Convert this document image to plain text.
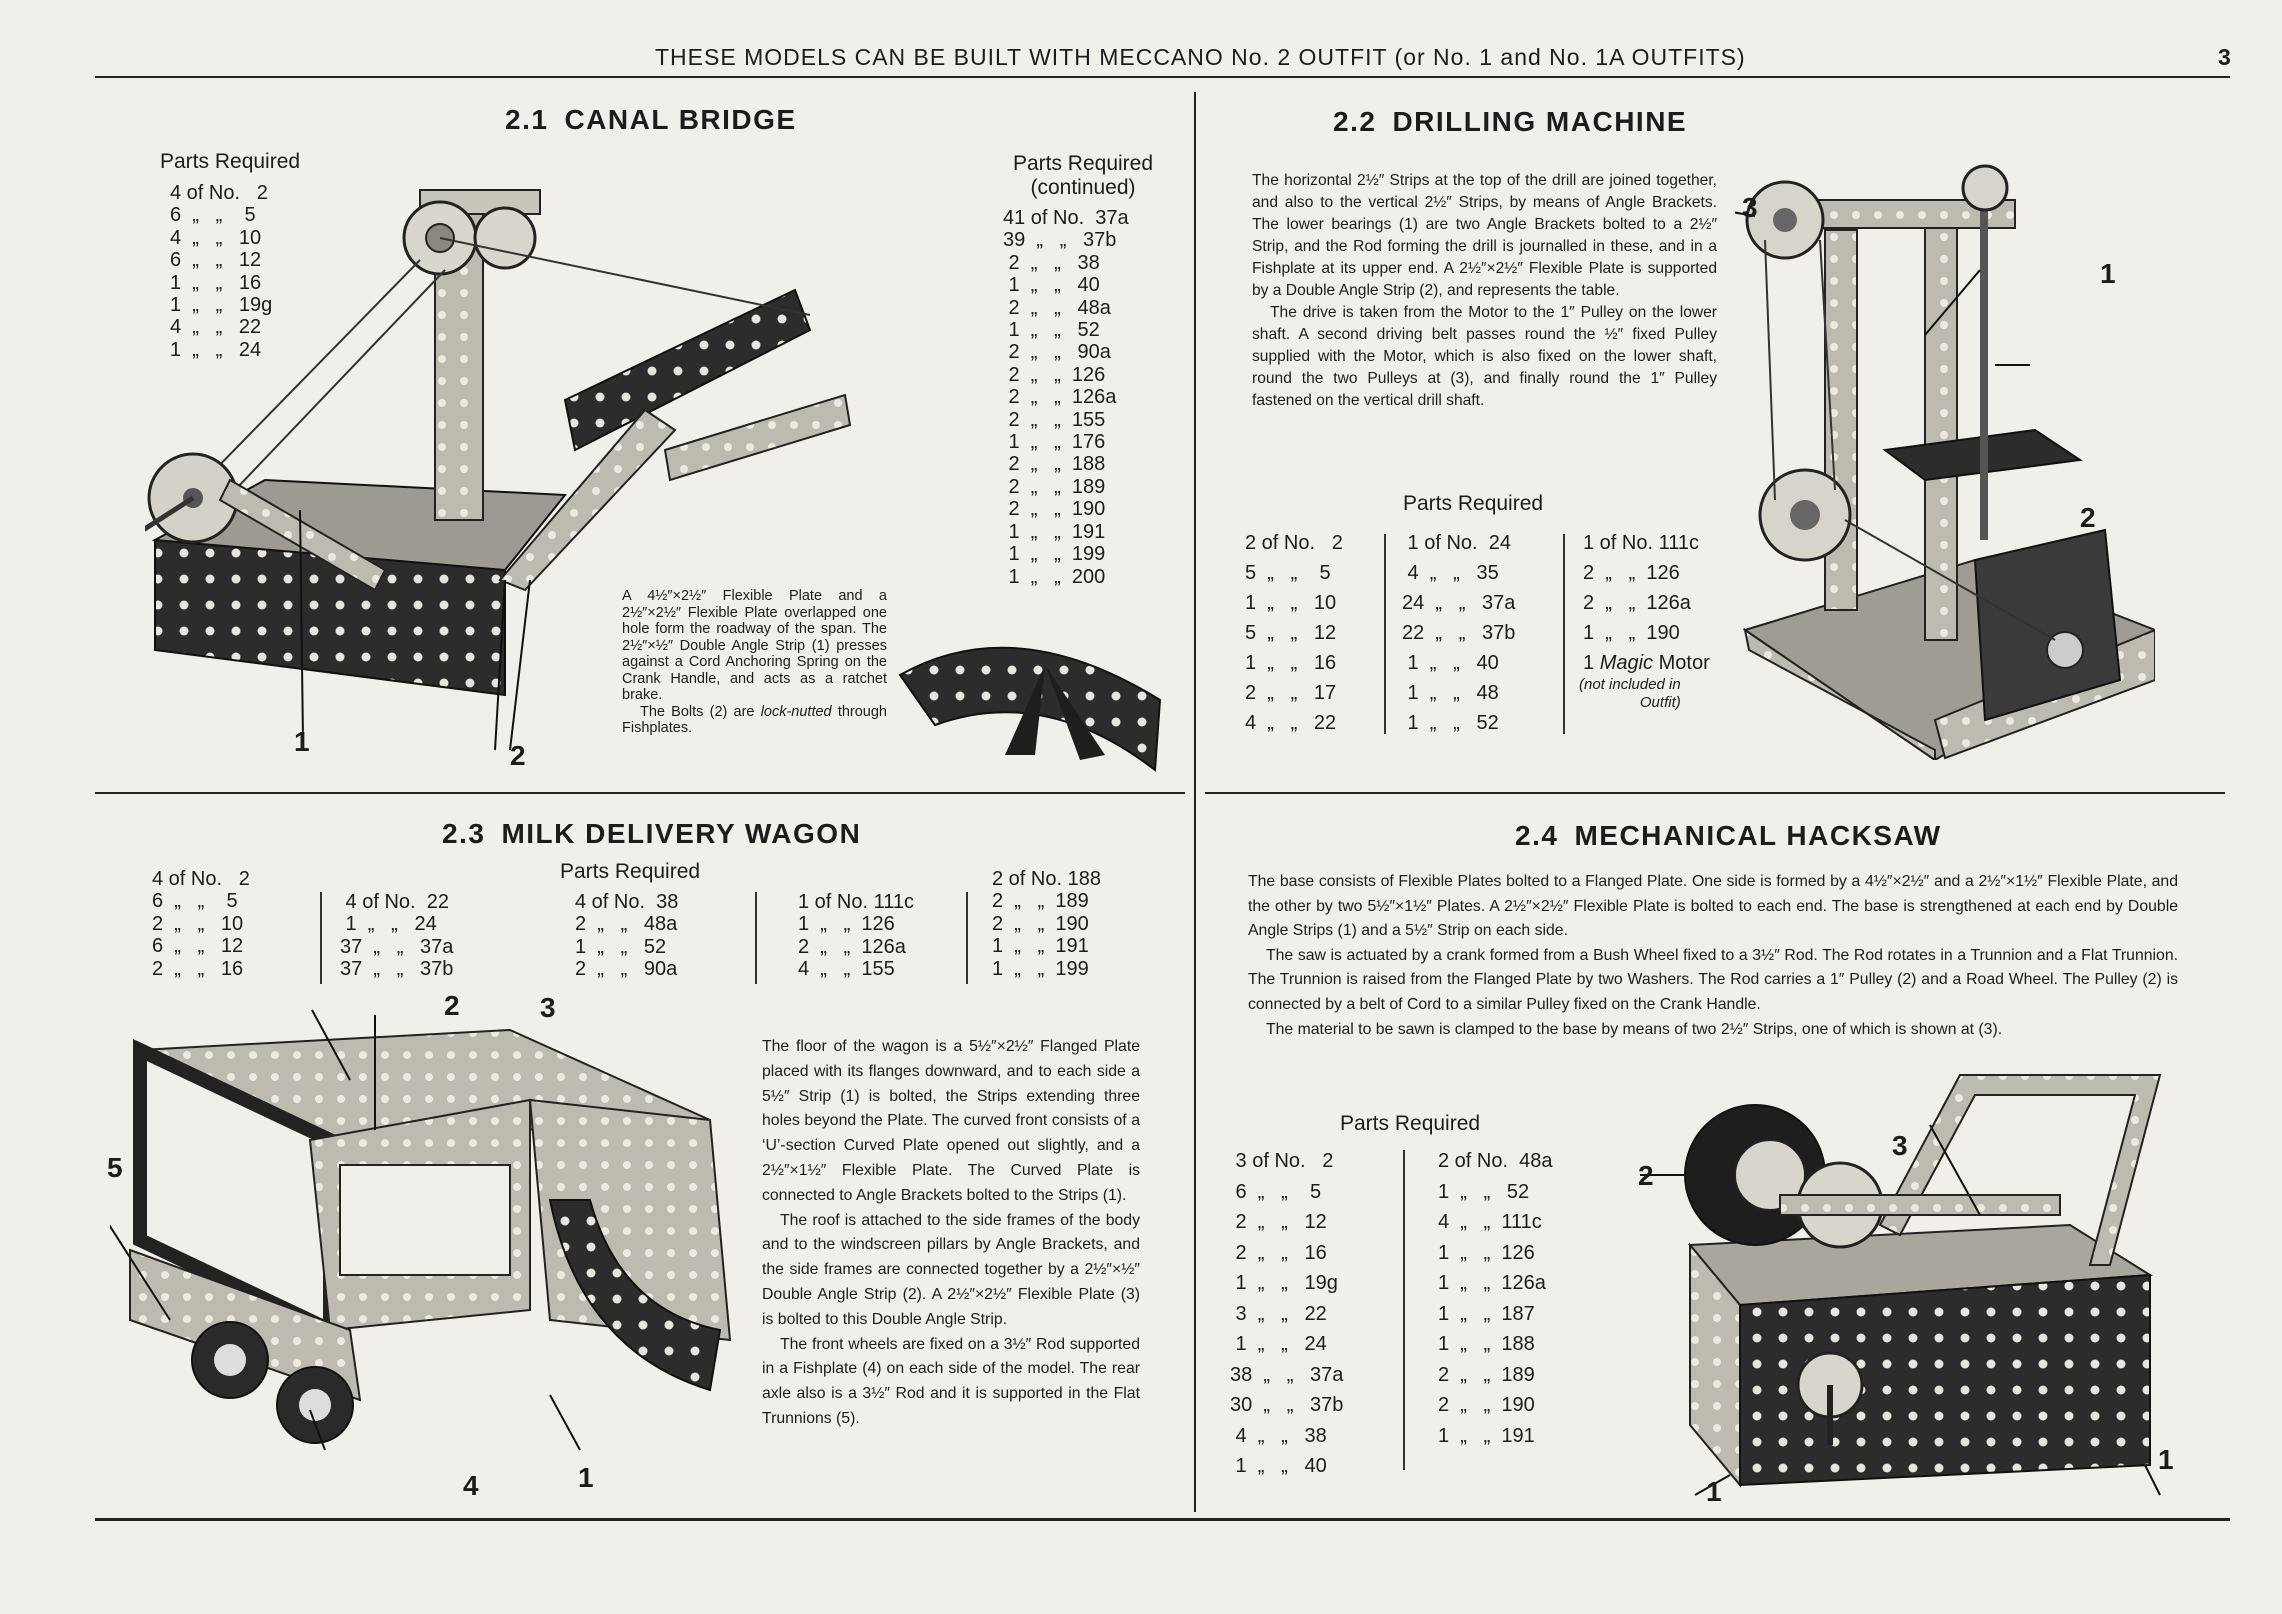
THESE MODELS CAN BE BUILT WITH MECCANO No. 2 OUTFIT (or No. 1 and No. 1A OUTFITS)	3
2.1 CANAL BRIDGE
Parts Required
4 of No.   2
6  „   „    5
4  „   „   10
6  „   „   12
1  „   „   16
1  „   „   19g
4  „   „   22
1  „   „   24
Parts Required
(continued)
41 of No.  37a
39  „   „   37b
2  „   „   38
1  „   „   40
2  „   „   48a
1  „   „   52
2  „   „   90a
2  „   „  126
2  „   „  126a
2  „   „  155
1  „   „  176
2  „   „  188
2  „   „  189
2  „   „  190
1  „   „  191
1  „   „  199
1  „   „  200
1	2
A 4½″×2½″ Flexible Plate and a 2½″×2½″ Flexible Plate overlapped one hole form the roadway of the span. The 2½″×½″ Double Angle Strip (1) presses against a Cord Anchoring Spring on the Crank Handle, and acts as a ratchet brake.
The Bolts (2) are lock-nutted through Fishplates.
2.2 DRILLING MACHINE

The horizontal 2½″ Strips at the top of the drill are joined together, and also to the vertical 2½″ Strips, by means of Angle Brackets. The lower bearings (1) are two Angle Brackets bolted to a 2½″ Strip, and the Rod forming the drill is journalled in these, and in a Fishplate at its upper end. A 2½″×2½″ Flexible Plate is supported by a Double Angle Strip (2), and represents the table.

The drive is taken from the Motor to the 1″ Pulley on the lower shaft. A second driving belt passes round the ½″ fixed Pulley supplied with the Motor, which is also fixed on the lower shaft, round the two Pulleys at (3), and finally round the 1″ Pulley fastened on the vertical drill shaft.

Parts Required
2 of No.   2
5  „   „    5
1  „   „   10
5  „   „   12
1  „   „   16
2  „   „   17
4  „   „   22
1 of No.  24
4  „   „   35
24  „   „   37a
22  „   „   37b
1  „   „   40
1  „   „   48
1  „   „   52
1 of No. 111c
2  „   „  126
2  „   „  126a
1  „   „  190
1 Magic Motor
(not included in
Outfit)
3
1
2
2.3 MILK DELIVERY WAGON
Parts Required
4 of No.   2
6  „   „    5
2  „   „   10
6  „   „   12
2  „   „   16
4 of No.  22
1  „   „   24
37  „   „   37a
37  „   „   37b
4 of No.  38
2  „   „   48a
1  „   „   52
2  „   „   90a
1 of No. 111c
1  „   „  126
2  „   „  126a
4  „   „  155
2 of No. 188
2  „   „  189
2  „   „  190
1  „   „  191
1  „   „  199

The floor of the wagon is a 5½″×2½″ Flanged Plate placed with its flanges downward, and to each side a 5½″ Strip (1) is bolted, the Strips extending three holes beyond the Plate. The curved front consists of a ‘U’-section Curved Plate opened out slightly, and a 2½″×1½″ Flexible Plate. The Curved Plate is connected to Angle Brackets bolted to the Strips (1).

The roof is attached to the side frames of the body and to the windscreen pillars by Angle Brackets, and the side frames are connected together by a 2½″×½″ Double Angle Strip (2). A 2½″×2½″ Flexible Plate (3) is bolted to this Double Angle Strip.

The front wheels are fixed on a 3½″ Rod supported in a Fishplate (4) on each side of the model. The rear axle also is a 3½″ Rod and it is supported in the Flat Trunnions (5).

2	3
5
4	1
2.4 MECHANICAL HACKSAW

The base consists of Flexible Plates bolted to a Flanged Plate. One side is formed by a 4½″×2½″ and a 2½″×1½″ Flexible Plate, and the other by two 5½″×1½″ Plates. A 2½″×2½″ Flexible Plate is bolted to each end. The base is strengthened at each end by Double Angle Strips (1) and a 5½″ Strip on each side.

The saw is actuated by a crank formed from a Bush Wheel fixed to a 3½″ Rod. The Rod rotates in a Trunnion and a Flat Trunnion. The Trunnion is raised from the Flanged Plate by two Washers. The Rod carries a 1″ Pulley (2) and a Road Wheel. The Pulley (2) is connected by a belt of Cord to a similar Pulley fixed on the Crank Handle.

The material to be sawn is clamped to the base by means of two 2½″ Strips, one of which is shown at (3).

Parts Required
3 of No.   2
6  „   „    5
2  „   „   12
2  „   „   16
1  „   „   19g
3  „   „   22
1  „   „   24
38  „   „   37a
30  „   „   37b
4  „   „   38
1  „   „   40
2 of No.  48a
1  „   „   52
4  „   „  111c
1  „   „  126
1  „   „  126a
1  „   „  187
1  „   „  188
2  „   „  189
2  „   „  190
1  „   „  191
2
3
1
1
